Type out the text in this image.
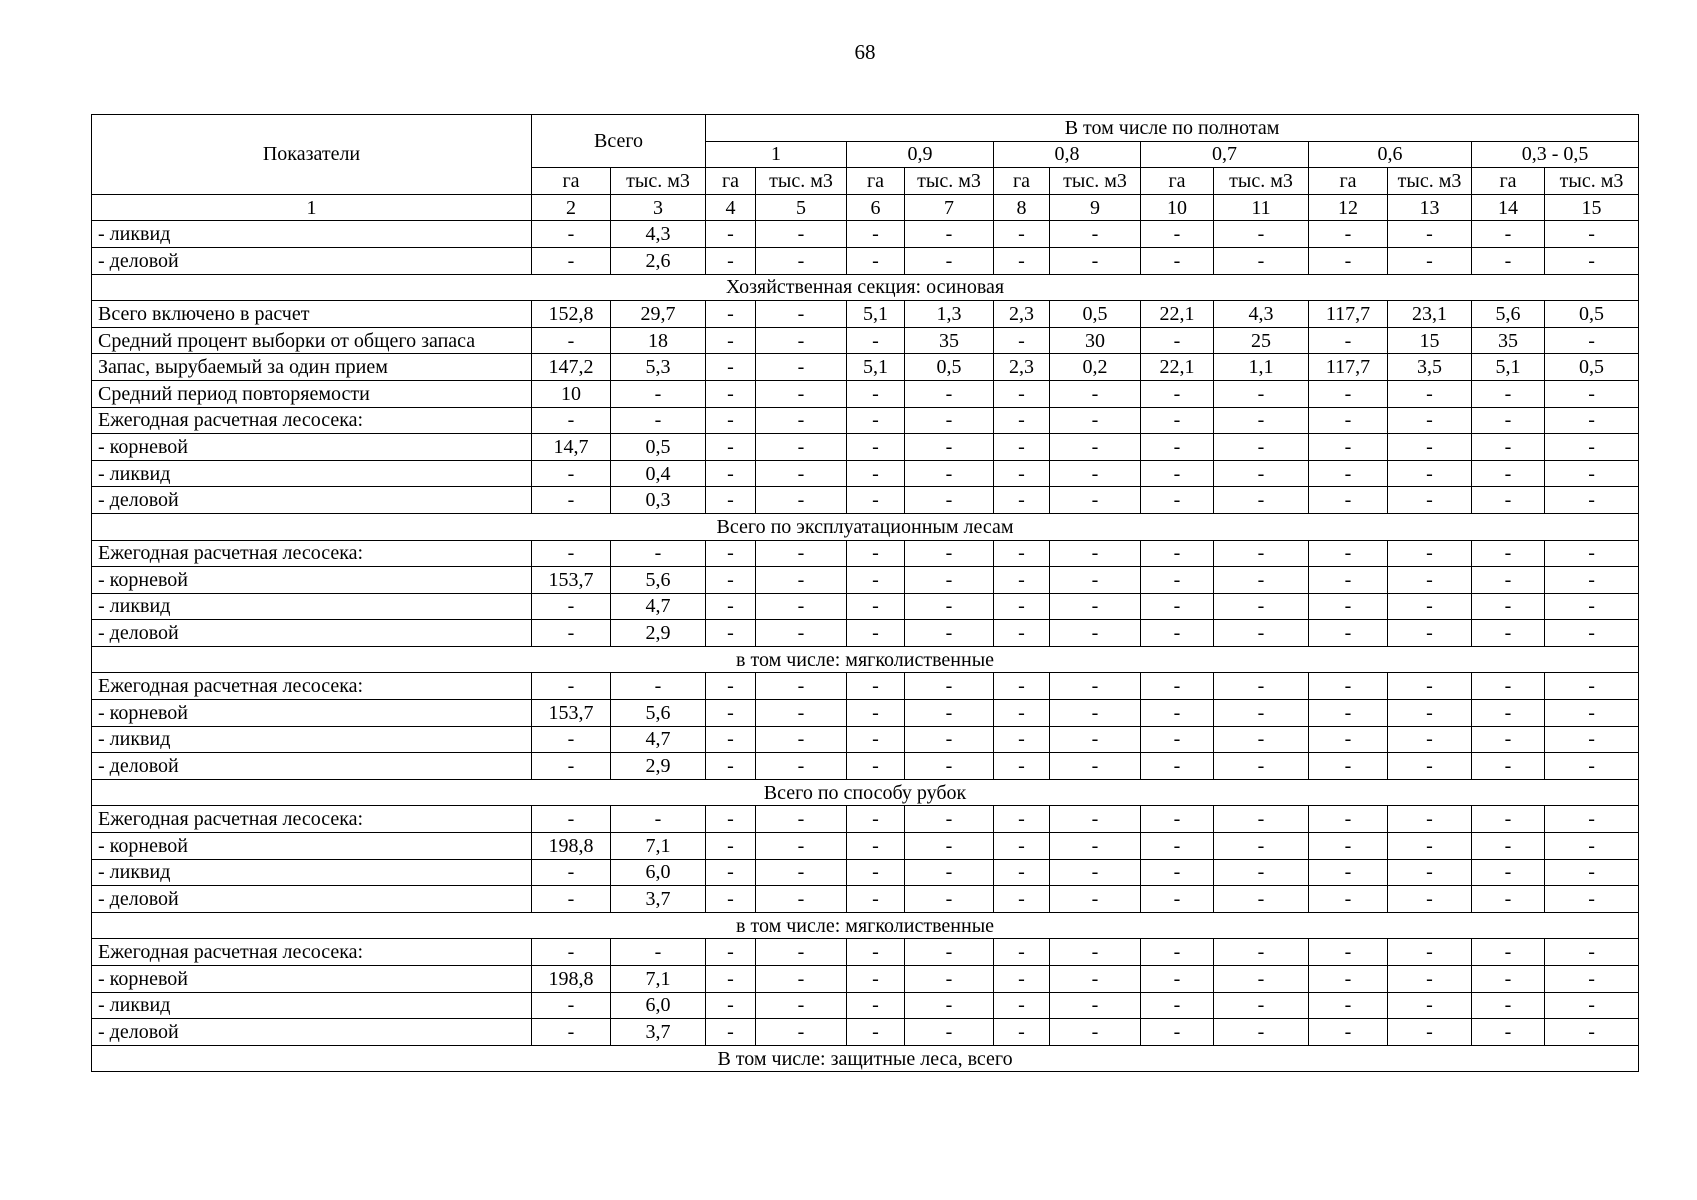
68
Показатели	Всего		В том числе по полнотам											
			1		0,9		0,8		0,7		0,6		0,3 - 0,5	
	га	тыс. м3	га	тыс. м3	га	тыс. м3	га	тыс. м3	га	тыс. м3	га	тыс. м3	га	тыс. м3
1	2	3	4	5	6	7	8	9	10	11	12	13	14	15
- ликвид	-	4,3	-	-	-	-	-	-	-	-	-	-	-	-
- деловой	-	2,6	-	-	-	-	-	-	-	-	-	-	-	-
Хозяйственная секция: осиновая														
Всего включено в расчет	152,8	29,7	-	-	5,1	1,3	2,3	0,5	22,1	4,3	117,7	23,1	5,6	0,5
Средний процент выборки от общего запаса	-	18	-	-	-	35	-	30	-	25	-	15	35	-
Запас, вырубаемый за один прием	147,2	5,3	-	-	5,1	0,5	2,3	0,2	22,1	1,1	117,7	3,5	5,1	0,5
Средний период повторяемости	10	-	-	-	-	-	-	-	-	-	-	-	-	-
Ежегодная расчетная лесосека:	-	-	-	-	-	-	-	-	-	-	-	-	-	-
- корневой	14,7	0,5	-	-	-	-	-	-	-	-	-	-	-	-
- ликвид	-	0,4	-	-	-	-	-	-	-	-	-	-	-	-
- деловой	-	0,3	-	-	-	-	-	-	-	-	-	-	-	-
Всего по эксплуатационным лесам														
Ежегодная расчетная лесосека:	-	-	-	-	-	-	-	-	-	-	-	-	-	-
- корневой	153,7	5,6	-	-	-	-	-	-	-	-	-	-	-	-
- ликвид	-	4,7	-	-	-	-	-	-	-	-	-	-	-	-
- деловой	-	2,9	-	-	-	-	-	-	-	-	-	-	-	-
в том числе: мягколиственные														
Ежегодная расчетная лесосека:	-	-	-	-	-	-	-	-	-	-	-	-	-	-
- корневой	153,7	5,6	-	-	-	-	-	-	-	-	-	-	-	-
- ликвид	-	4,7	-	-	-	-	-	-	-	-	-	-	-	-
- деловой	-	2,9	-	-	-	-	-	-	-	-	-	-	-	-
Всего по способу рубок														
Ежегодная расчетная лесосека:	-	-	-	-	-	-	-	-	-	-	-	-	-	-
- корневой	198,8	7,1	-	-	-	-	-	-	-	-	-	-	-	-
- ликвид	-	6,0	-	-	-	-	-	-	-	-	-	-	-	-
- деловой	-	3,7	-	-	-	-	-	-	-	-	-	-	-	-
в том числе: мягколиственные														
Ежегодная расчетная лесосека:	-	-	-	-	-	-	-	-	-	-	-	-	-	-
- корневой	198,8	7,1	-	-	-	-	-	-	-	-	-	-	-	-
- ликвид	-	6,0	-	-	-	-	-	-	-	-	-	-	-	-
- деловой	-	3,7	-	-	-	-	-	-	-	-	-	-	-	-
В том числе: защитные леса, всего														
